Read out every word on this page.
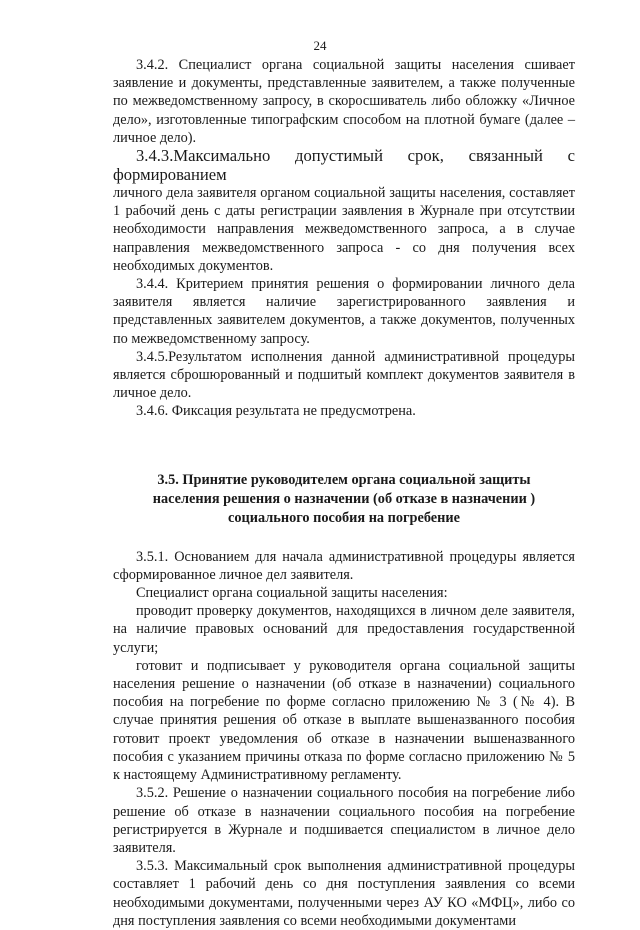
24

3.4.2. Специалист органа социальной защиты населения сшивает заявление и документы, представленные заявителем, а также полученные по межведомственному запросу, в скоросшиватель либо обложку «Личное дело», изготовленные типографским способом на плотной бумаге (далее – личное дело).

3.4.3.Максимально допустимый срок, связанный с формированием

личного дела заявителя органом социальной защиты населения, составляет 1 рабочий день с даты регистрации заявления в Журнале при отсутствии необходимости направления межведомственного запроса, а в случае направления межведомственного запроса - со дня получения всех необходимых документов.

3.4.4. Критерием принятия решения о формировании личного дела заявителя является наличие зарегистрированного заявления и представленных заявителем документов, а также документов, полученных по межведомственному запросу.

3.4.5.Результатом исполнения данной административной процедуры является сброшюрованный и подшитый комплект документов заявителя в личное дело.

3.4.6. Фиксация результата не предусмотрена.

3.5. Принятие руководителем органа социальной защиты
населения решения о назначении (об отказе в назначении )
социального пособия на погребение

3.5.1. Основанием для начала административной процедуры является сформированное личное дел заявителя.

Специалист органа социальной защиты населения:

проводит проверку документов, находящихся в личном деле заявителя, на наличие правовых оснований для предоставления государственной услуги;

готовит и подписывает у руководителя органа социальной защиты населения решение о назначении (об отказе в назначении) социального пособия на погребение по форме согласно приложению № 3 (№ 4). В случае принятия решения об отказе в выплате вышеназванного пособия готовит проект уведомления об отказе в назначении вышеназванного пособия с указанием причины отказа по форме согласно приложению № 5 к настоящему Административному регламенту.

3.5.2. Решение о назначении социального пособия на погребение либо решение об отказе в назначении социального пособия на погребение регистрируется в Журнале и подшивается специалистом в личное дело заявителя.

3.5.3. Максимальный срок выполнения административной процедуры составляет 1 рабочий день со дня поступления заявления со всеми необходимыми документами, полученными через АУ КО «МФЦ», либо со дня поступления заявления со всеми необходимыми документами
